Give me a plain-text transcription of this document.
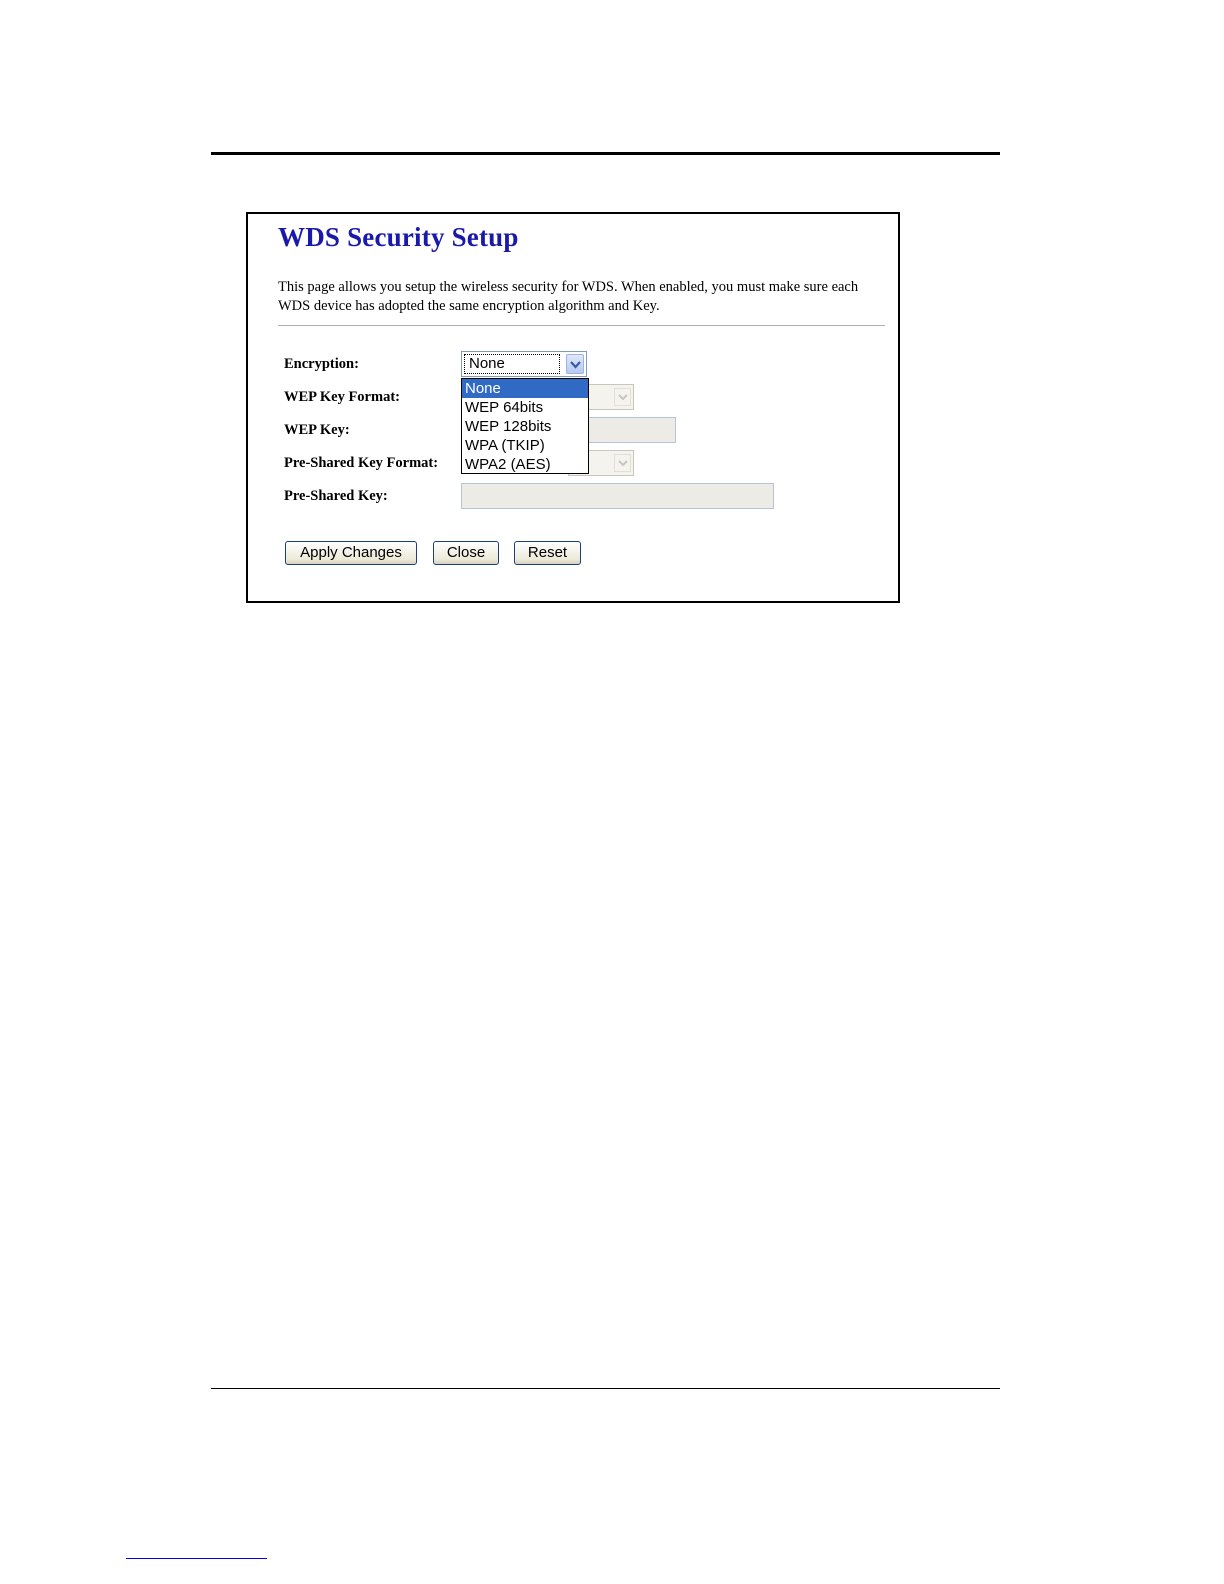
WDS Security Setup

This page allows you setup the wireless security for WDS. When enabled, you must make sure each WDS device has adopted the same encryption algorithm and Key.

Encryption:
WEP Key Format:
WEP Key:
Pre-Shared Key Format:
Pre-Shared Key:
None
None
WEP 64bits
WEP 128bits
WPA (TKIP)
WPA2 (AES)
Apply Changes	Close	Reset
